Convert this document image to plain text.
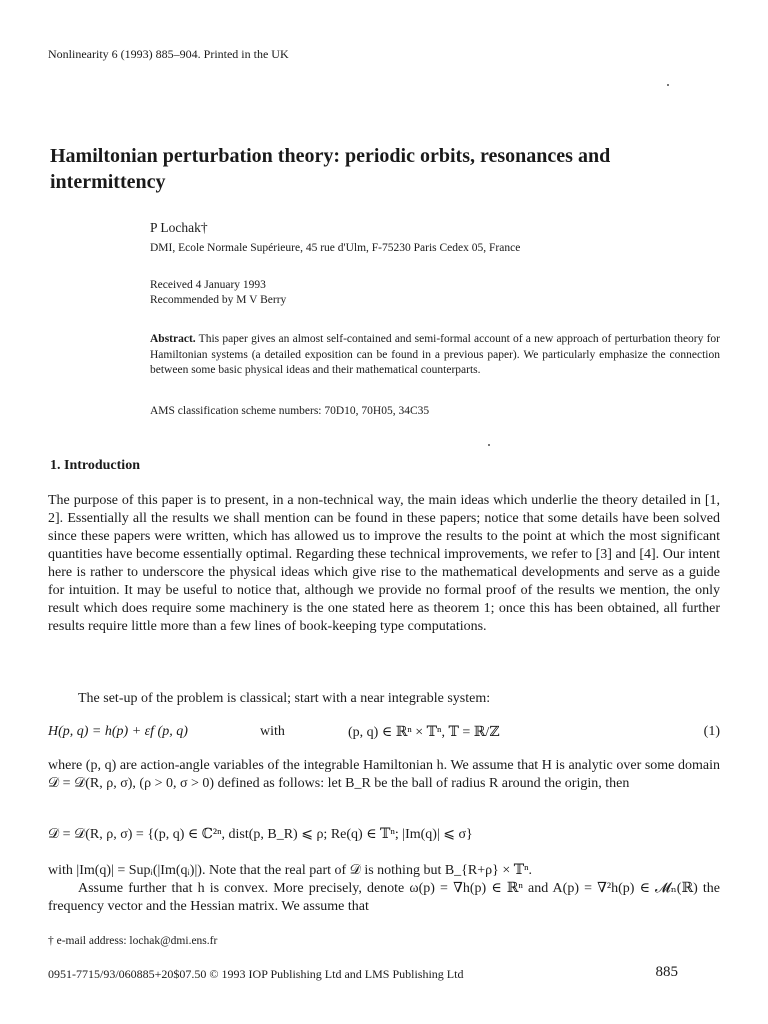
Nonlinearity 6 (1993) 885–904. Printed in the UK
Hamiltonian perturbation theory: periodic orbits, resonances and intermittency
P Lochak†
DMI, Ecole Normale Supérieure, 45 rue d'Ulm, F-75230 Paris Cedex 05, France
Received 4 January 1993
Recommended by M V Berry
Abstract. This paper gives an almost self-contained and semi-formal account of a new approach of perturbation theory for Hamiltonian systems (a detailed exposition can be found in a previous paper). We particularly emphasize the connection between some basic physical ideas and their mathematical counterparts.
AMS classification scheme numbers: 70D10, 70H05, 34C35
1. Introduction
The purpose of this paper is to present, in a non-technical way, the main ideas which underlie the theory detailed in [1, 2]. Essentially all the results we shall mention can be found in these papers; notice that some details have been solved since these papers were written, which has allowed us to improve the results to the point at which the most significant quantities have become essentially optimal. Regarding these technical improvements, we refer to [3] and [4]. Our intent here is rather to underscore the physical ideas which give rise to the mathematical developments and serve as a guide for intuition. It may be useful to notice that, although we provide no formal proof of the results we mention, the only result which does require some machinery is the one stated here as theorem 1; once this has been obtained, all further results require little more than a few lines of book-keeping type computations.
The set-up of the problem is classical; start with a near integrable system:
H(p, q) = h(p) + εf (p, q)	with	(p, q) ∈ ℝⁿ × 𝕋ⁿ, 𝕋 = ℝ/ℤ	(1)
where (p, q) are action-angle variables of the integrable Hamiltonian h. We assume that H is analytic over some domain 𝒟 = 𝒟(R, ρ, σ), (ρ > 0, σ > 0) defined as follows: let B_R be the ball of radius R around the origin, then
𝒟 = 𝒟(R, ρ, σ) = {(p, q) ∈ ℂ²ⁿ, dist(p, B_R) ⩽ ρ; Re(q) ∈ 𝕋ⁿ; |Im(q)| ⩽ σ}
with |Im(q)| = Supᵢ(|Im(qᵢ)|). Note that the real part of 𝒟 is nothing but B_{R+ρ} × 𝕋ⁿ.
Assume further that h is convex. More precisely, denote ω(p) = ∇h(p) ∈ ℝⁿ and A(p) = ∇²h(p) ∈ 𝓜ₙ(ℝ) the frequency vector and the Hessian matrix. We assume that
† e-mail address: lochak@dmi.ens.fr
0951-7715/93/060885+20$07.50 © 1993 IOP Publishing Ltd and LMS Publishing Ltd	885
